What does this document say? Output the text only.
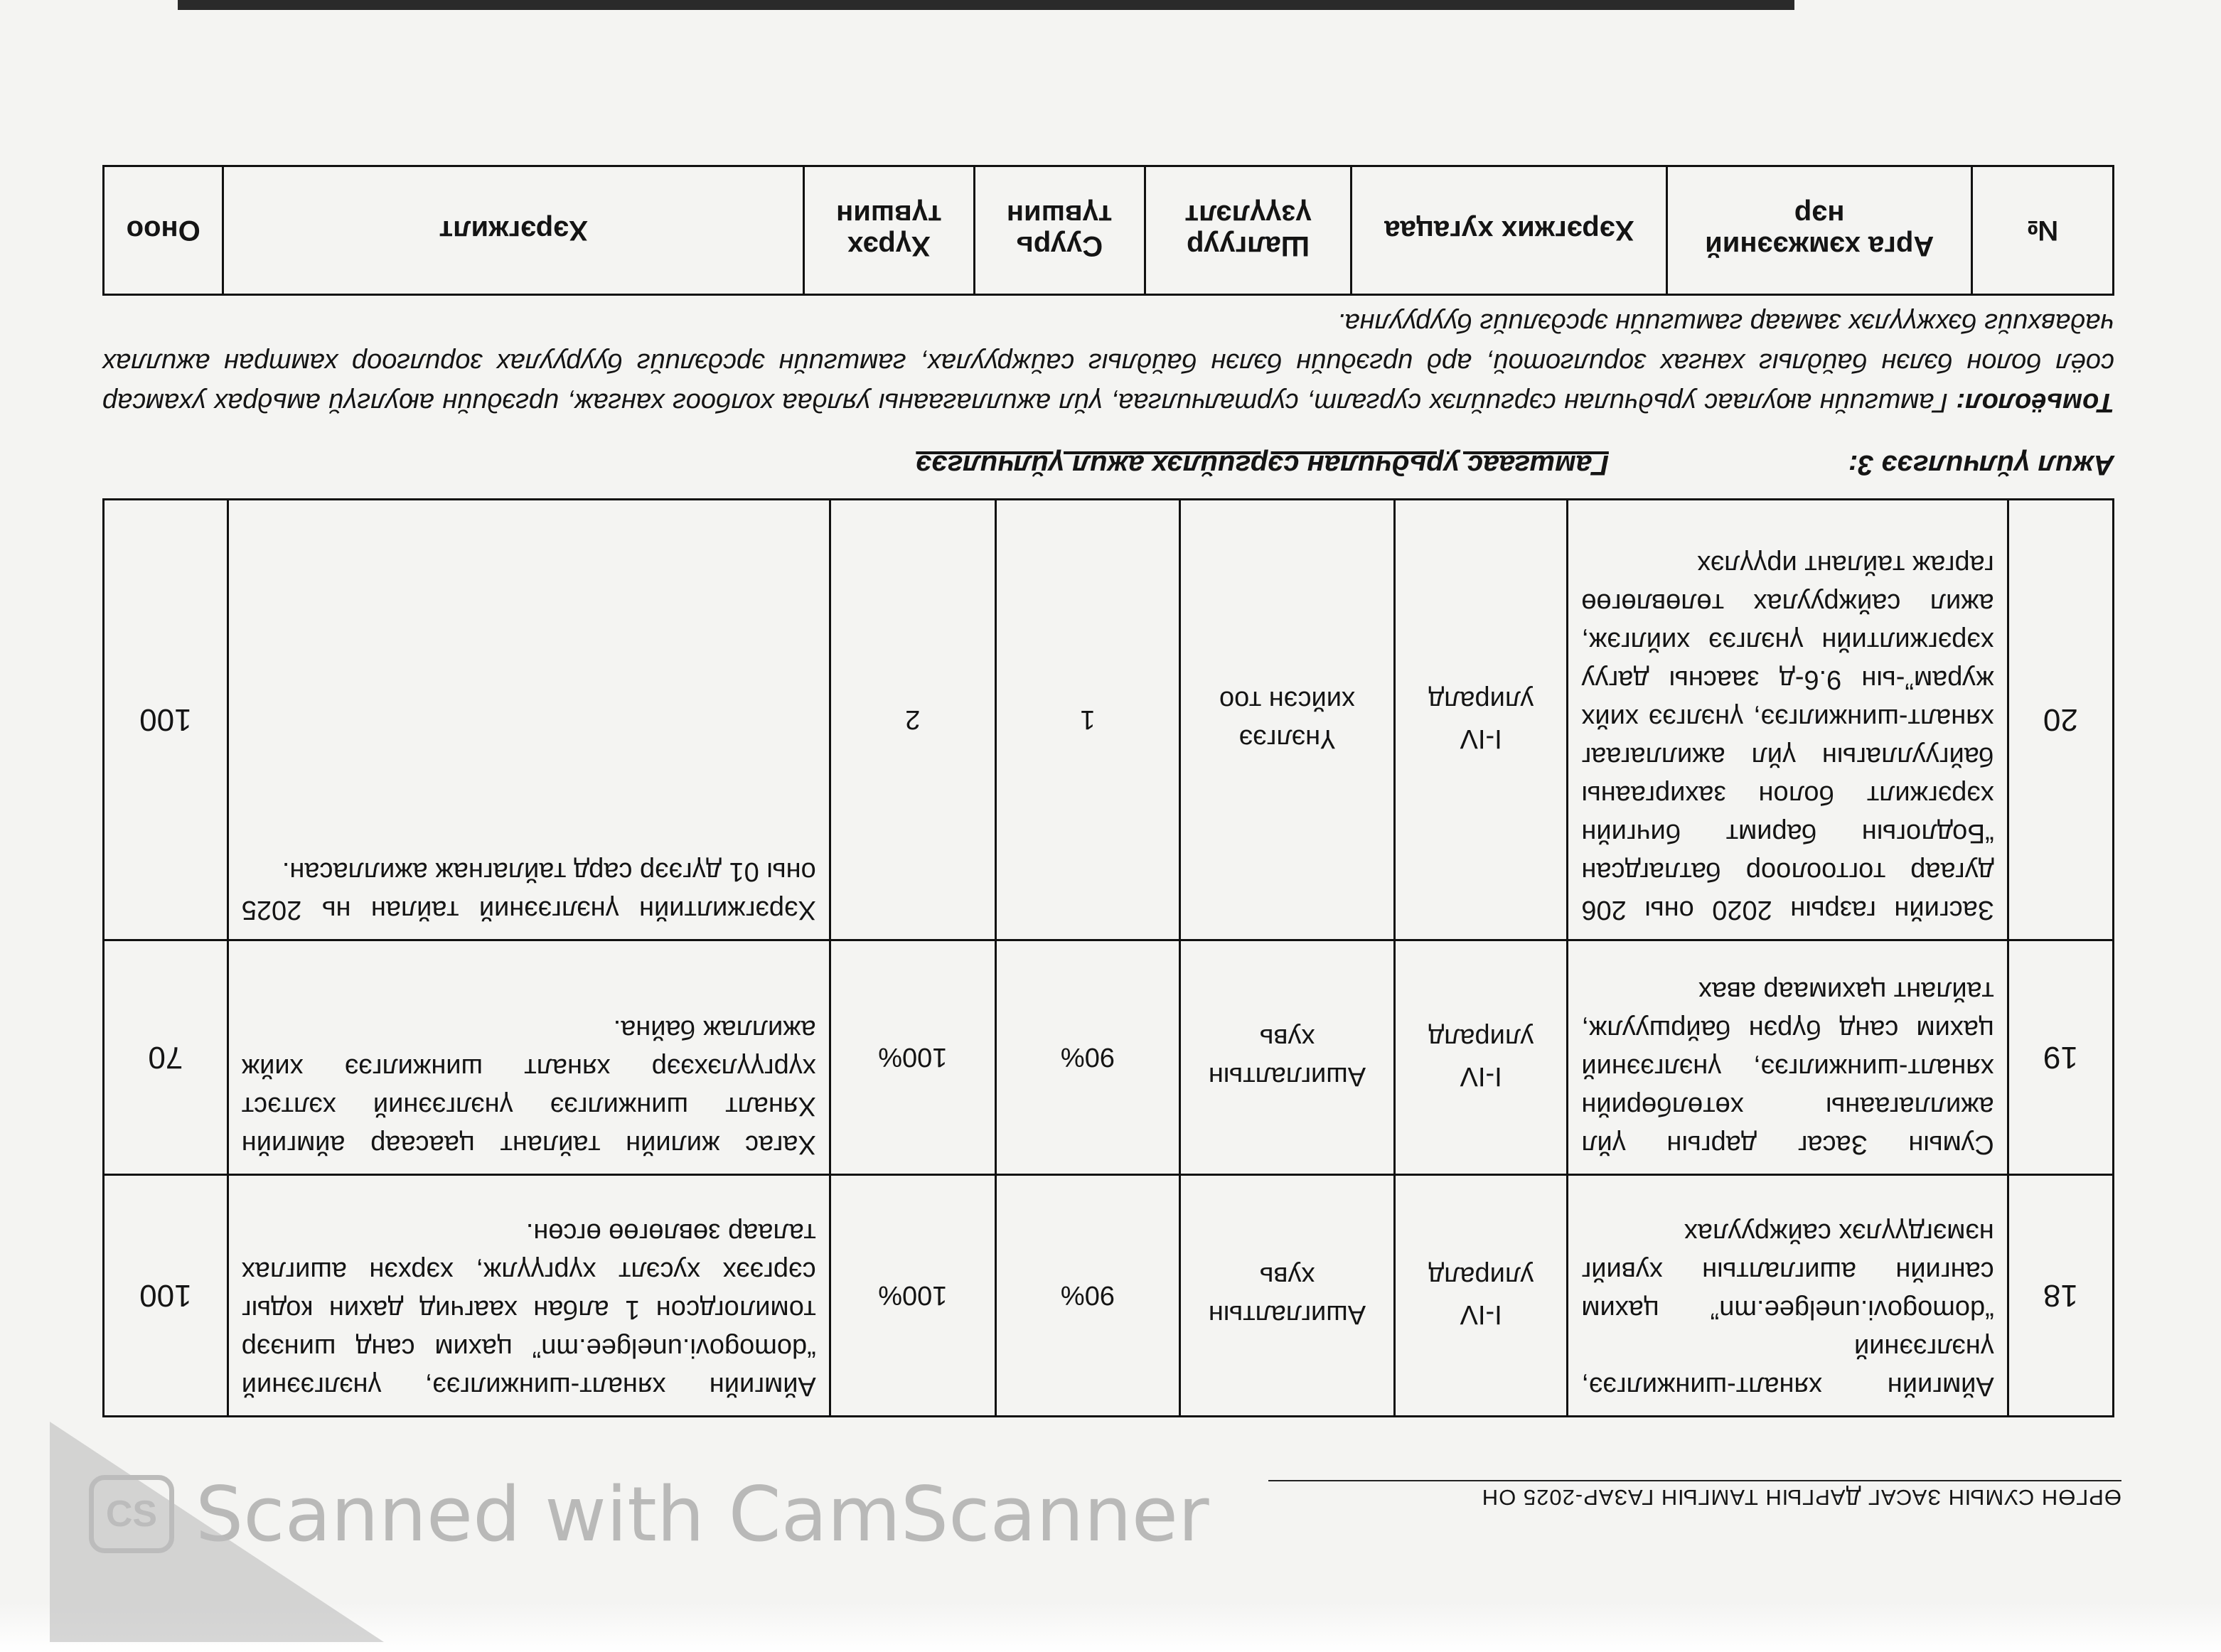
ӨРГӨН СУМЫН ЗАСАГ ДАРГЫН ТАМГЫН ГАЗАР-2025 ОН
18	Аймгийн хяналт-шинжилгээ, үнэлгээний “domogovi.unelgee.mn” цахим сангийн ашиглалтын хувийг нэмэгдүүлэх сайжруулах	I-IV улиралд	Ашиглалтын хувь	90%	100%	Аймгийн хяналт-шинжилгээ, үнэлгээний “domogovi.unelgee.mn” цахим санд шинээр томилогдсон 1 албан хаагчид дахин кодыг сэргээх хусэлт хүргүүлж, хэрхэн ашиглах талаар зөвлөгөө өгсөн.	100
19	Сумын Засаг даргын үйл ажиллагааны хөтөлбөрийн хяналт-шинжилгээ, үнэлгээний цахим санд бүрэн байршуулж, тайлант цахимаар авах	I-IV улиралд	Ашиглалтын хувь	90%	100%	Хагас жилийн тайлант цаасаар аймгийн Хяналт шинжилгээ үнэлгээний хэлтэст хүргүүлэхээр хяналт шинжилгээ хийж ажиллаж байна.	70
20	Засгийн газрын 2020 оны 206 дугаар тогтоолоор батлагдсан “Бодлогын баримт бичгийн хэрэгжилт болон захиргааны байгууллагын үйл ажиллагааг хяналт-шинжилгээ, үнэлгээ хийх журам”-ын 9.6-д заасны дагуу хэрэгжилтийн үнэлгээ хийлгэж, ажил сайжруулах төлөвлөгөө гаргаж тайлант ирүүлэх	I-IV улиралд	Үнэлгээ хийсэн тоо	1	2	Хэрэгжилтийн үнэлгээний тайлан нь 2025 оны 01 дүгээр сард тайлагнаж ажилласан.	100
Ажил үйлчилгээ 3: Гамшгаас урьдчилан сэргийлэх ажил үйлчилгээ
Томьёолол: Гамшгийн аюулаас урьдчилан сэргийлэх сургалт, сурталчилгаа, үйл ажиллагааны уялдаа холбоог хангаж, иргэдийн аюулгүй амьдрах ухамсар соёл болон бэлэн байдлыг хангах зорилготой, ард иргэдийн бэлэн байдлыг сайжруулах, гамшгийн эрсдэлийг бууруулах зорилгоор хамтран ажиллах чадавхийг бэхжүүлэх замаар гамшгийн эрсдэлийг бууруулна.
№	Арга хэмжээний нэр	Хэрэгжих хугацаа	Шалгуур үзүүлэлт	Суурь түвшин	Хүрэх түвшин	Хэрэгжилт	Оноо
CS Scanned with CamScanner
